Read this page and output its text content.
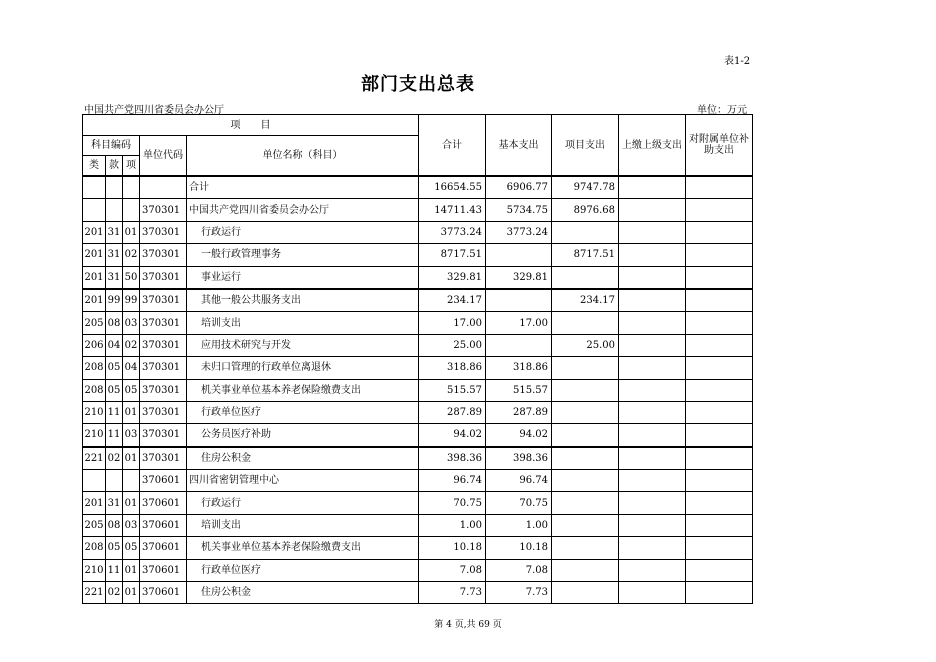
表1-2
部门支出总表
中国共产党四川省委员会办公厅	单位：万元
项　　目					合计	基本支出	项目支出	上缴上级支出	对附属单位补助支出
科目编码			单位代码	单位名称（科目）					
类	款	项							
				合计	16654.55	6906.77	9747.78		
			370301	中国共产党四川省委员会办公厅	14711.43	5734.75	8976.68		
201	31	01	370301	行政运行	3773.24	3773.24			
201	31	02	370301	一般行政管理事务	8717.51		8717.51		
201	31	50	370301	事业运行	329.81	329.81			
201	99	99	370301	其他一般公共服务支出	234.17		234.17		
205	08	03	370301	培训支出	17.00	17.00			
206	04	02	370301	应用技术研究与开发	25.00		25.00		
208	05	04	370301	未归口管理的行政单位离退休	318.86	318.86			
208	05	05	370301	机关事业单位基本养老保险缴费支出	515.57	515.57			
210	11	01	370301	行政单位医疗	287.89	287.89			
210	11	03	370301	公务员医疗补助	94.02	94.02			
221	02	01	370301	住房公积金	398.36	398.36			
			370601	四川省密钥管理中心	96.74	96.74			
201	31	01	370601	行政运行	70.75	70.75			
205	08	03	370601	培训支出	1.00	1.00			
208	05	05	370601	机关事业单位基本养老保险缴费支出	10.18	10.18			
210	11	01	370601	行政单位医疗	7.08	7.08			
221	02	01	370601	住房公积金	7.73	7.73			
第 4 页,共 69 页
